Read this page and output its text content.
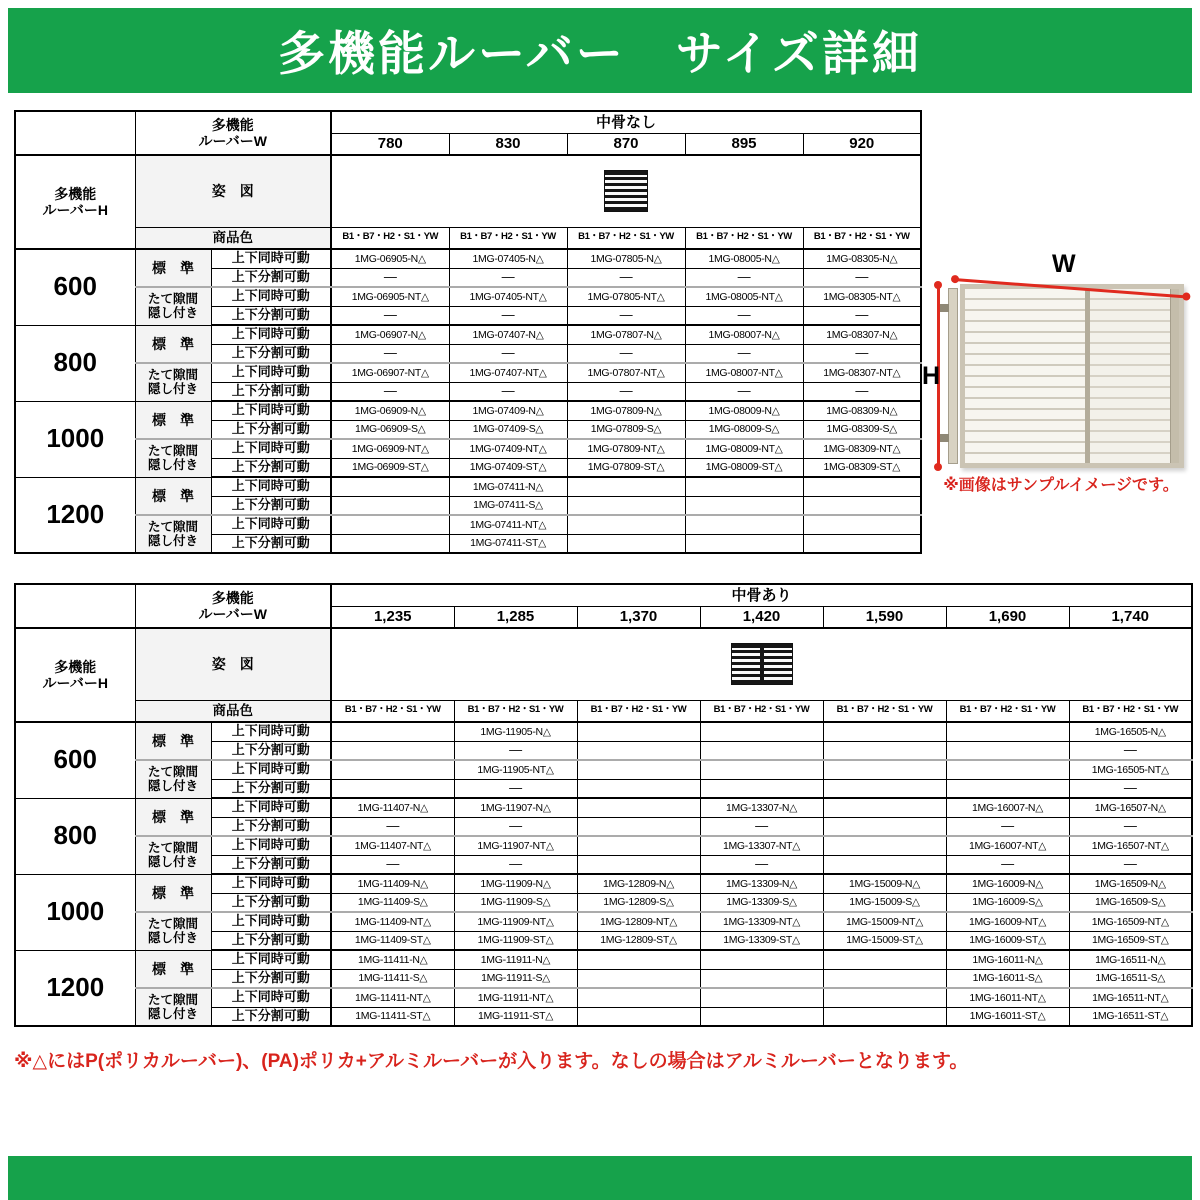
多機能ルーバー　サイズ詳細

	多機能
ルーバーW		中骨なし				
			780	830	870	895	920

多機能
ルーバーH	姿　図						

	商品色		B1・B7・H2・S1・YW	B1・B7・H2・S1・YW	B1・B7・H2・S1・YW	B1・B7・H2・S1・YW	B1・B7・H2・S1・YW
600	標　準	上下同時可動	1MG-06905-N△	1MG-07405-N△	1MG-07805-N△	1MG-08005-N△	1MG-08305-N△
		上下分割可動	―	―	―	―	―

	たて隙間
隠し付き	上下同時可動	1MG-06905-NT△	1MG-07405-NT△	1MG-07805-NT△	1MG-08005-NT△	1MG-08305-NT△
		上下分割可動	―	―	―	―	―
800	標　準	上下同時可動	1MG-06907-N△	1MG-07407-N△	1MG-07807-N△	1MG-08007-N△	1MG-08307-N△
		上下分割可動	―	―	―	―	―

	たて隙間
隠し付き	上下同時可動	1MG-06907-NT△	1MG-07407-NT△	1MG-07807-NT△	1MG-08007-NT△	1MG-08307-NT△
		上下分割可動	―	―	―	―	―
1000	標　準	上下同時可動	1MG-06909-N△	1MG-07409-N△	1MG-07809-N△	1MG-08009-N△	1MG-08309-N△
		上下分割可動	1MG-06909-S△	1MG-07409-S△	1MG-07809-S△	1MG-08009-S△	1MG-08309-S△

	たて隙間
隠し付き	上下同時可動	1MG-06909-NT△	1MG-07409-NT△	1MG-07809-NT△	1MG-08009-NT△	1MG-08309-NT△
		上下分割可動	1MG-06909-ST△	1MG-07409-ST△	1MG-07809-ST△	1MG-08009-ST△	1MG-08309-ST△
1200	標　準	上下同時可動		1MG-07411-N△			
		上下分割可動		1MG-07411-S△			

	たて隙間
隠し付き	上下同時可動		1MG-07411-NT△			
		上下分割可動		1MG-07411-ST△			
W
H
※画像はサンプルイメージです。

	多機能
ルーバーW		中骨あり						
			1,235	1,285	1,370	1,420	1,590	1,690	1,740

多機能
ルーバーH	姿　図								

	商品色		B1・B7・H2・S1・YW	B1・B7・H2・S1・YW	B1・B7・H2・S1・YW	B1・B7・H2・S1・YW	B1・B7・H2・S1・YW	B1・B7・H2・S1・YW	B1・B7・H2・S1・YW
600	標　準	上下同時可動		1MG-11905-N△					1MG-16505-N△
		上下分割可動		―					―

	たて隙間
隠し付き	上下同時可動		1MG-11905-NT△					1MG-16505-NT△
		上下分割可動		―					―
800	標　準	上下同時可動	1MG-11407-N△	1MG-11907-N△		1MG-13307-N△		1MG-16007-N△	1MG-16507-N△
		上下分割可動	―	―		―		―	―

	たて隙間
隠し付き	上下同時可動	1MG-11407-NT△	1MG-11907-NT△		1MG-13307-NT△		1MG-16007-NT△	1MG-16507-NT△
		上下分割可動	―	―		―		―	―
1000	標　準	上下同時可動	1MG-11409-N△	1MG-11909-N△	1MG-12809-N△	1MG-13309-N△	1MG-15009-N△	1MG-16009-N△	1MG-16509-N△
		上下分割可動	1MG-11409-S△	1MG-11909-S△	1MG-12809-S△	1MG-13309-S△	1MG-15009-S△	1MG-16009-S△	1MG-16509-S△

	たて隙間
隠し付き	上下同時可動	1MG-11409-NT△	1MG-11909-NT△	1MG-12809-NT△	1MG-13309-NT△	1MG-15009-NT△	1MG-16009-NT△	1MG-16509-NT△
		上下分割可動	1MG-11409-ST△	1MG-11909-ST△	1MG-12809-ST△	1MG-13309-ST△	1MG-15009-ST△	1MG-16009-ST△	1MG-16509-ST△
1200	標　準	上下同時可動	1MG-11411-N△	1MG-11911-N△				1MG-16011-N△	1MG-16511-N△
		上下分割可動	1MG-11411-S△	1MG-11911-S△				1MG-16011-S△	1MG-16511-S△

	たて隙間
隠し付き	上下同時可動	1MG-11411-NT△	1MG-11911-NT△				1MG-16011-NT△	1MG-16511-NT△
		上下分割可動	1MG-11411-ST△	1MG-11911-ST△				1MG-16011-ST△	1MG-16511-ST△
※△にはP(ポリカルーバー)、(PA)ポリカ+アルミルーバーが入ります。なしの場合はアルミルーバーとなります。
